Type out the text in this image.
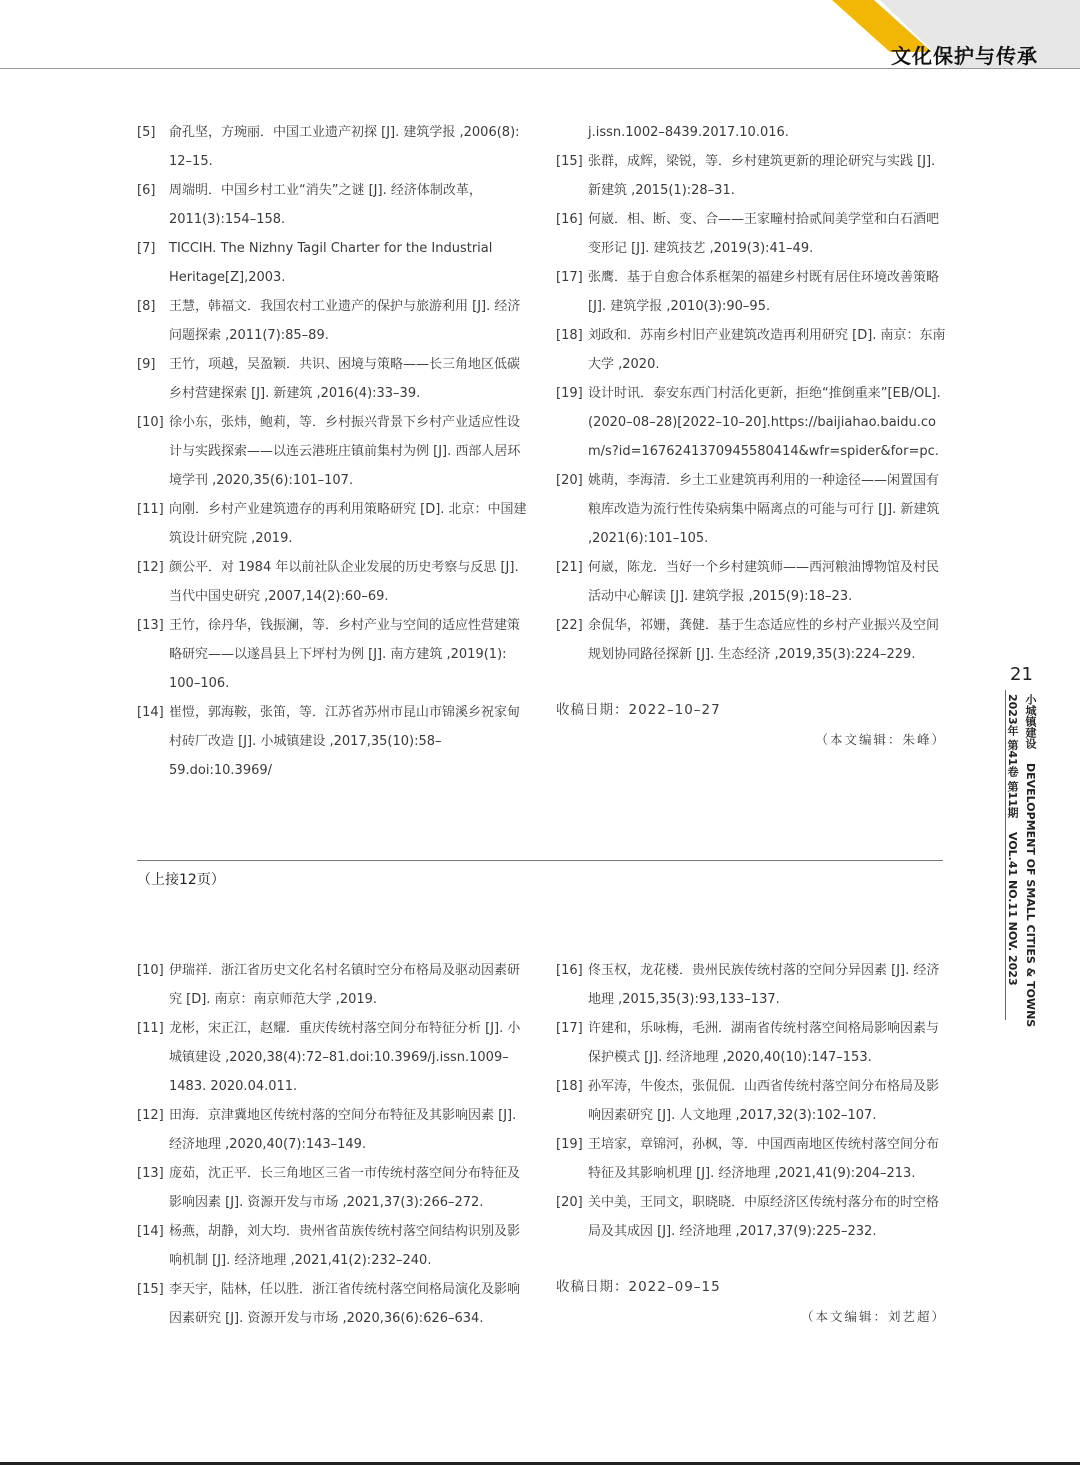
文化保护与传承
[5] 俞孔坚，方琬丽．中国工业遗产初探 [J]. 建筑学报 ,2006(8): 12–15.
[6] 周端明．中国乡村工业“消失”之谜 [J]. 经济体制改革，2011(3):154–158.
[7] TICCIH. The Nizhny Tagil Charter for the Industrial Heritage[Z],2003.
[8] 王慧，韩福文．我国农村工业遗产的保护与旅游利用 [J]. 经济问题探索 ,2011(7):85–89.
[9] 王竹，项越，吴盈颖．共识、困境与策略——长三角地区低碳乡村营建探索 [J]. 新建筑 ,2016(4):33–39.
[10] 徐小东，张炜，鲍莉，等．乡村振兴背景下乡村产业适应性设计与实践探索——以连云港班庄镇前集村为例 [J]. 西部人居环境学刊 ,2020,35(6):101–107.
[11] 向刚．乡村产业建筑遗存的再利用策略研究 [D]. 北京：中国建筑设计研究院 ,2019.
[12] 颜公平．对 1984 年以前社队企业发展的历史考察与反思 [J]. 当代中国史研究 ,2007,14(2):60–69.
[13] 王竹，徐丹华，钱振澜，等．乡村产业与空间的适应性营建策略研究——以遂昌县上下坪村为例 [J]. 南方建筑 ,2019(1): 100–106.
[14] 崔愷，郭海鞍，张笛，等．江苏省苏州市昆山市锦溪乡祝家甸村砖厂改造 [J]. 小城镇建设 ,2017,35(10):58–59.doi:10.3969/
j.issn.1002–8439.2017.10.016.
[15] 张群，成辉，梁锐，等．乡村建筑更新的理论研究与实践 [J]. 新建筑 ,2015(1):28–31.
[16] 何崴．相、断、变、合——王家疃村拾贰间美学堂和白石酒吧变形记 [J]. 建筑技艺 ,2019(3):41–49.
[17] 张鹰．基于自愈合体系框架的福建乡村既有居住环境改善策略 [J]. 建筑学报 ,2010(3):90–95.
[18] 刘政和．苏南乡村旧产业建筑改造再利用研究 [D]. 南京：东南大学 ,2020.
[19] 设计时讯．泰安东西门村活化更新，拒绝“推倒重来”[EB/OL]. (2020–08–28)[2022–10–20].https://baijiahao.baidu.com/s?id=1676241370945580414&wfr=spider&for=pc.
[20] 姚萌，李海清．乡土工业建筑再利用的一种途径——闲置国有粮库改造为流行性传染病集中隔离点的可能与可行 [J]. 新建筑 ,2021(6):101–105.
[21] 何崴，陈龙．当好一个乡村建筑师——西河粮油博物馆及村民活动中心解读 [J]. 建筑学报 ,2015(9):18–23.
[22] 余侃华，祁姗，龚健．基于生态适应性的乡村产业振兴及空间规划协同路径探新 [J]. 生态经济 ,2019,35(3):224–229.
收稿日期：2022–10–27
（本文编辑：朱峰）
（上接12页）
[10] 伊瑞祥．浙江省历史文化名村名镇时空分布格局及驱动因素研究 [D]. 南京：南京师范大学 ,2019.
[11] 龙彬，宋正江，赵耀．重庆传统村落空间分布特征分析 [J]. 小城镇建设 ,2020,38(4):72–81.doi:10.3969/j.issn.1009–1483. 2020.04.011.
[12] 田海．京津冀地区传统村落的空间分布特征及其影响因素 [J]. 经济地理 ,2020,40(7):143–149.
[13] 庞茹，沈正平．长三角地区三省一市传统村落空间分布特征及影响因素 [J]. 资源开发与市场 ,2021,37(3):266–272.
[14] 杨燕，胡静，刘大均．贵州省苗族传统村落空间结构识别及影响机制 [J]. 经济地理 ,2021,41(2):232–240.
[15] 李天宇，陆林，任以胜．浙江省传统村落空间格局演化及影响因素研究 [J]. 资源开发与市场 ,2020,36(6):626–634.
[16] 佟玉权，龙花楼．贵州民族传统村落的空间分异因素 [J]. 经济地理 ,2015,35(3):93,133–137.
[17] 许建和，乐咏梅，毛洲．湖南省传统村落空间格局影响因素与保护模式 [J]. 经济地理 ,2020,40(10):147–153.
[18] 孙军涛，牛俊杰，张侃侃．山西省传统村落空间分布格局及影响因素研究 [J]. 人文地理 ,2017,32(3):102–107.
[19] 王培家，章锦河，孙枫，等．中国西南地区传统村落空间分布特征及其影响机理 [J]. 经济地理 ,2021,41(9):204–213.
[20] 关中美，王同文，职晓晓．中原经济区传统村落分布的时空格局及其成因 [J]. 经济地理 ,2017,37(9):225–232.
收稿日期：2022–09–15
（本文编辑：刘艺超）
21
小城镇建设 DEVELOPMENT OF SMALL CITIES & TOWNS
2023年 第41卷 第11期 VOL.41 NO.11 NOV. 2023
